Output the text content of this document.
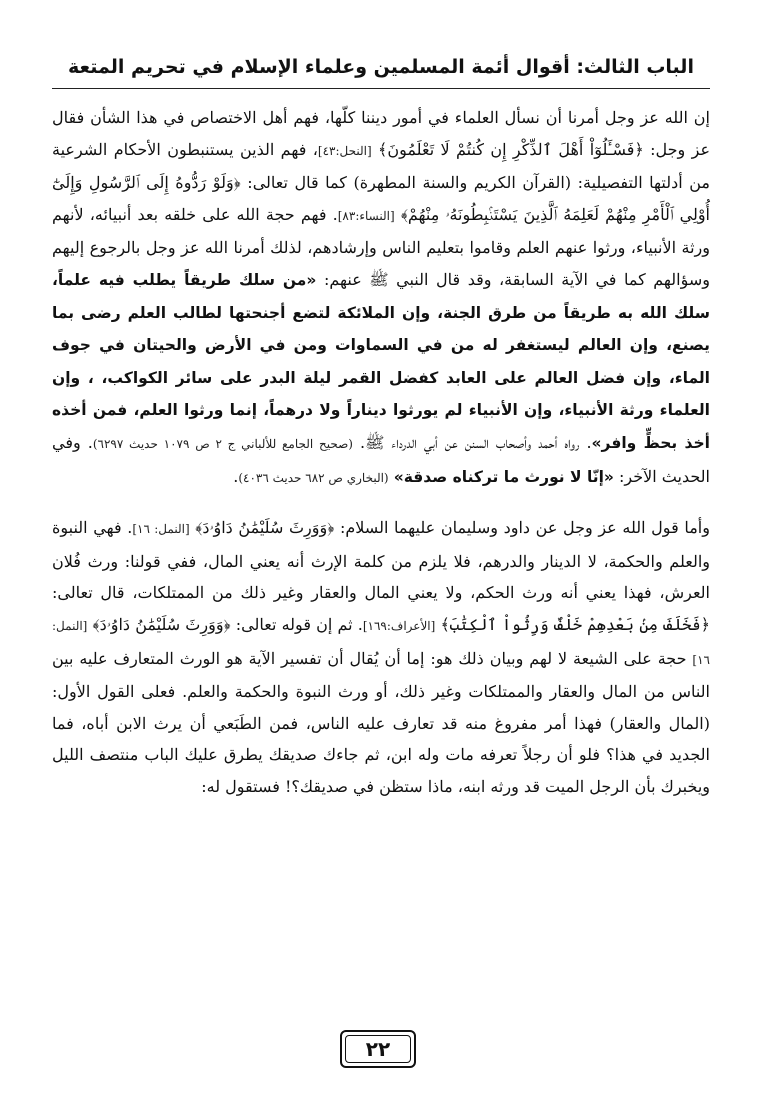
الباب الثالث: أقوال أئمة المسلمين وعلماء الإسلام في تحريم المتعة

إن الله عز وجل أمرنا أن نسأل العلماء في أمور ديننا كلّها، فهم أهل الاختصاص في هذا الشأن فقال عز وجل: ﴿فَسْـَٔلُوٓاْ أَهْلَ ٱلذِّكْرِ إِن كُنتُمْ لَا تَعْلَمُونَ﴾ [النحل:٤٣]، فهم الذين يستنبطون الأحكام الشرعية من أدلتها التفصيلية: (القرآن الكريم والسنة المطهرة) كما قال تعالى: ﴿وَلَوْ رَدُّوهُ إِلَى ٱلرَّسُولِ وَإِلَىٰٓ أُوْلِي ٱلْأَمْرِ مِنْهُمْ لَعَلِمَهُ ٱلَّذِينَ يَسْتَنۢبِطُونَهُۥ مِنْهُمْ﴾ [النساء:٨٣]. فهم حجة الله على خلقه بعد أنبيائه، لأنهم ورثة الأنبياء، ورثوا عنهم العلم وقاموا بتعليم الناس وإرشادهم، لذلك أمرنا الله عز وجل بالرجوع إليهم وسؤالهم كما في الآية السابقة، وقد قال النبي ﷺ عنهم: «من سلك طريقاً يطلب فيه علماً، سلك الله به طريقاً من طرق الجنة، وإن الملائكة لتضع أجنحتها لطالب العلم رضى بما يصنع، وإن العالم ليستغفر له من في السماوات ومن في الأرض والحيتان في جوف الماء، وإن فضل العالم على العابد كفضل القمر ليلة البدر على سائر الكواكب، ، وإن العلماء ورثة الأنبياء، وإن الأنبياء لم يورثوا ديناراً ولا درهماً، إنما ورثوا العلم، فمن أخذه أخذ بحظٍّ وافر». رواه أحمد وأصحاب السنن عن أبي الدرداء ﷺ. (صحيح الجامع للألباني ج ٢ ص ١٠٧٩ حديث ٦٢٩٧). وفي الحديث الآخر: «إنّا لا نورث ما تركناه صدقة» (البخاري ص ٦٨٢ حديث ٤٠٣٦).

وأما قول الله عز وجل عن داود وسليمان عليهما السلام: ﴿وَوَرِثَ سُلَيْمَٰنُ دَاوُۥدَ﴾ [النمل: ١٦]. فهي النبوة والعلم والحكمة، لا الدينار والدرهم، فلا يلزم من كلمة الإرث أنه يعني المال، ففي قولنا: ورث فُلان العرش، فهذا يعني أنه ورث الحكم، ولا يعني المال والعقار وغير ذلك من الممتلكات، قال تعالى: ﴿فَخَلَفَ مِنۢ بَعْدِهِمْ خَلْفٌ وَرِثُواْ ٱلْكِتَٰبَ﴾ [الأعراف:١٦٩]. ثم إن قوله تعالى: ﴿وَوَرِثَ سُلَيْمَٰنُ دَاوُۥدَ﴾ [النمل: ١٦] حجة على الشيعة لا لهم وبيان ذلك هو: إما أن يُقال أن تفسير الآية هو الورث المتعارف عليه بين الناس من المال والعقار والممتلكات وغير ذلك، أو ورث النبوة والحكمة والعلم. فعلى القول الأول: (المال والعقار) فهذا أمر مفروغ منه قد تعارف عليه الناس، فمن الطَبَعي أن يرث الابن أباه، فما الجديد في هذا؟ فلو أن رجلاً تعرفه مات وله ابن، ثم جاءك صديقك يطرق عليك الباب منتصف الليل ويخبرك بأن الرجل الميت قد ورثه ابنه، ماذا ستظن في صديقك؟! فستقول له:

٢٢
